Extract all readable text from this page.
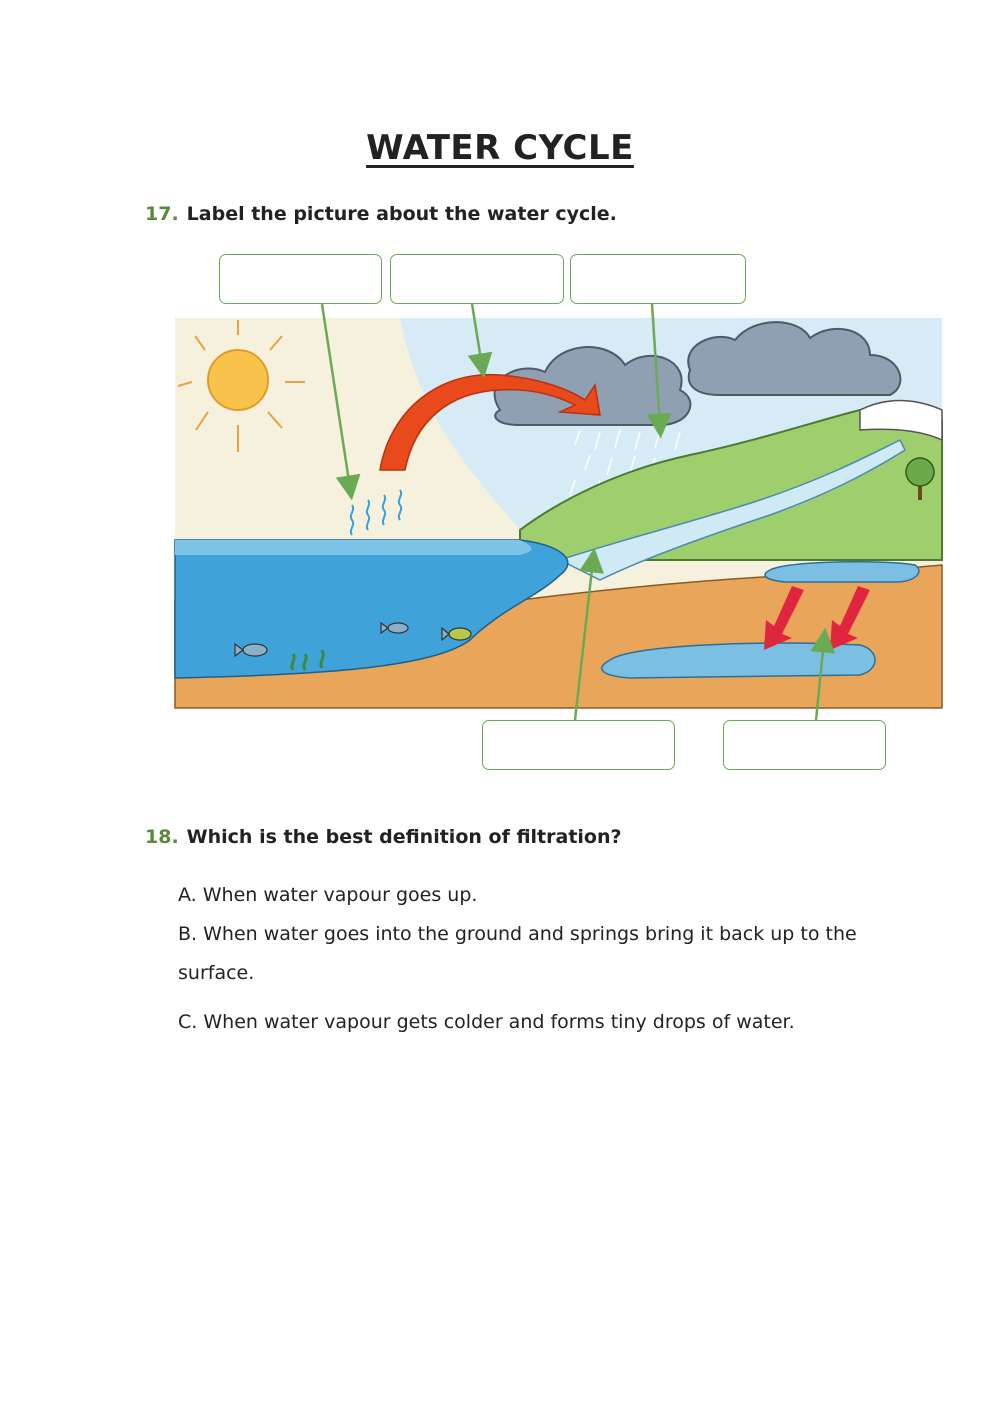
WATER CYCLE
17. Label the picture about the water cycle.
18. Which is the best definition of filtration?

A. When water vapour goes up.

B. When water goes into the ground and springs bring it back up to the surface.

C. When water vapour gets colder and forms tiny drops of water.
